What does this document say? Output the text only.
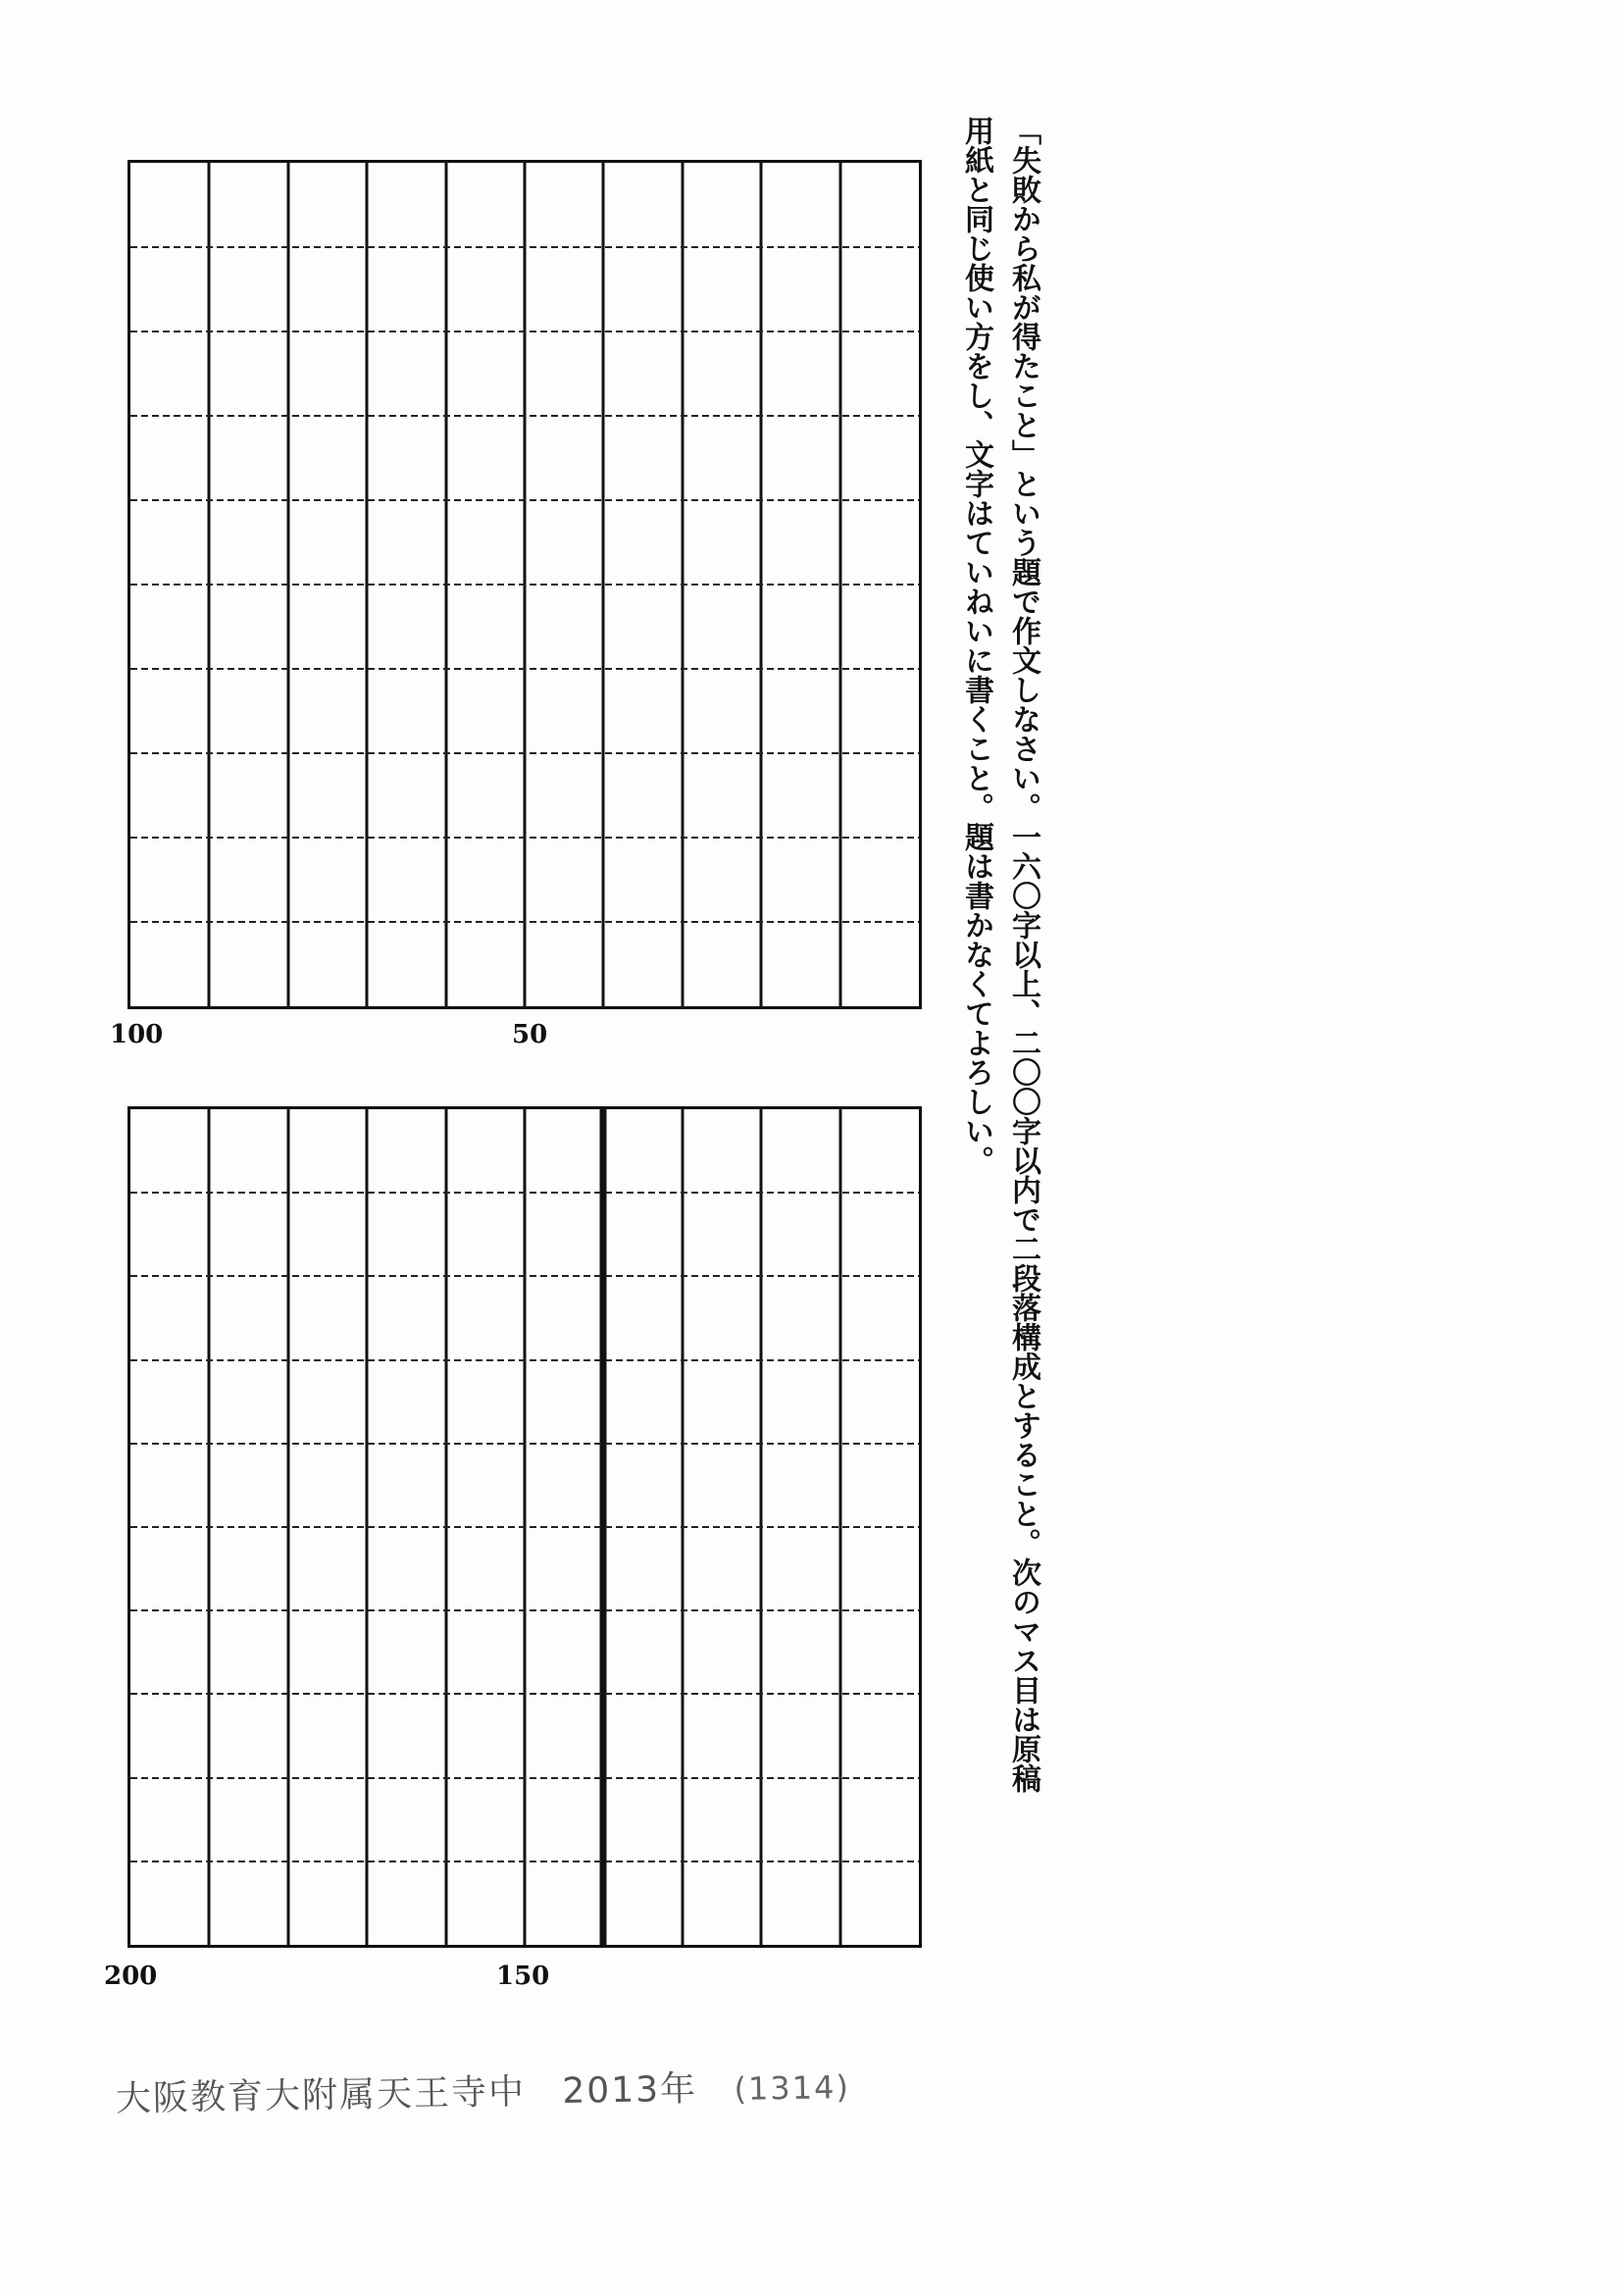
「失敗から私が得たこと」という題で作文しなさい。一六〇字以上、二〇〇字以内で二段落構成とすること。次のマス目は原稿
用紙と同じ使い方をし、文字はていねいに書くこと。題は書かなくてよろしい。
100	50
200	150
大阪教育大附属天王寺中 2013年 (1314)
